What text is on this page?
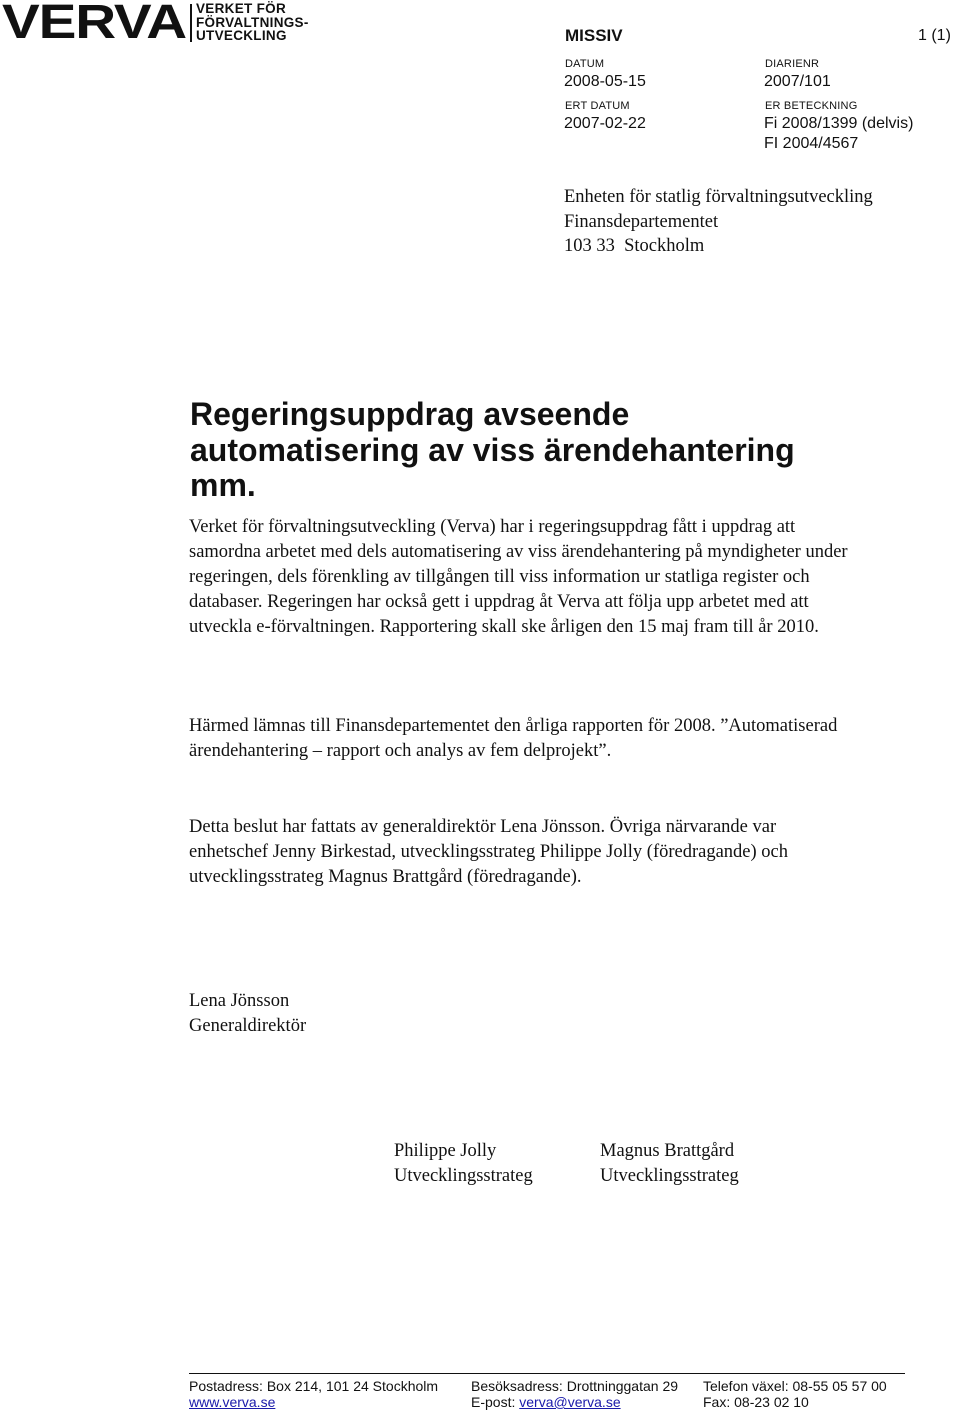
VERVA VERKET FÖR
FÖRVALTNINGS-
UTVECKLING	MISSIV	1 (1)
DATUM
2008-05-15
DIARIENR
2007/101
ERT DATUM
2007-02-22
ER BETECKNING
Fi 2008/1399 (delvis)
FI 2004/4567
Enheten för statlig förvaltningsutveckling
Finansdepartementet
103 33  Stockholm
Regeringsuppdrag avseende automatisering av viss ärendehantering mm.
Verket för förvaltningsutveckling (Verva) har i regeringsuppdrag fått i uppdrag att samordna arbetet med dels automatisering av viss ärendehantering på myndigheter under regeringen, dels förenkling av tillgången till viss information ur statliga register och databaser. Regeringen har också gett i uppdrag åt Verva att följa upp arbetet med att utveckla e-förvaltningen. Rapportering skall ske årligen den 15 maj fram till år 2010.
Härmed lämnas till Finansdepartementet den årliga rapporten för 2008. ”Automatiserad ärendehantering – rapport och analys av fem delprojekt”.
Detta beslut har fattats av generaldirektör Lena Jönsson. Övriga närvarande var enhetschef Jenny Birkestad, utvecklingsstrateg Philippe Jolly (föredragande) och utvecklingsstrateg Magnus Brattgård (föredragande).
Lena Jönsson
Generaldirektör
Philippe Jolly
Utvecklingsstrateg
Magnus Brattgård
Utvecklingsstrateg
Postadress: Box 214, 101 24 Stockholm
www.verva.se
Besöksadress: Drottninggatan 29
E-post: verva@verva.se
Telefon växel: 08-55 05 57 00
Fax: 08-23 02 10
